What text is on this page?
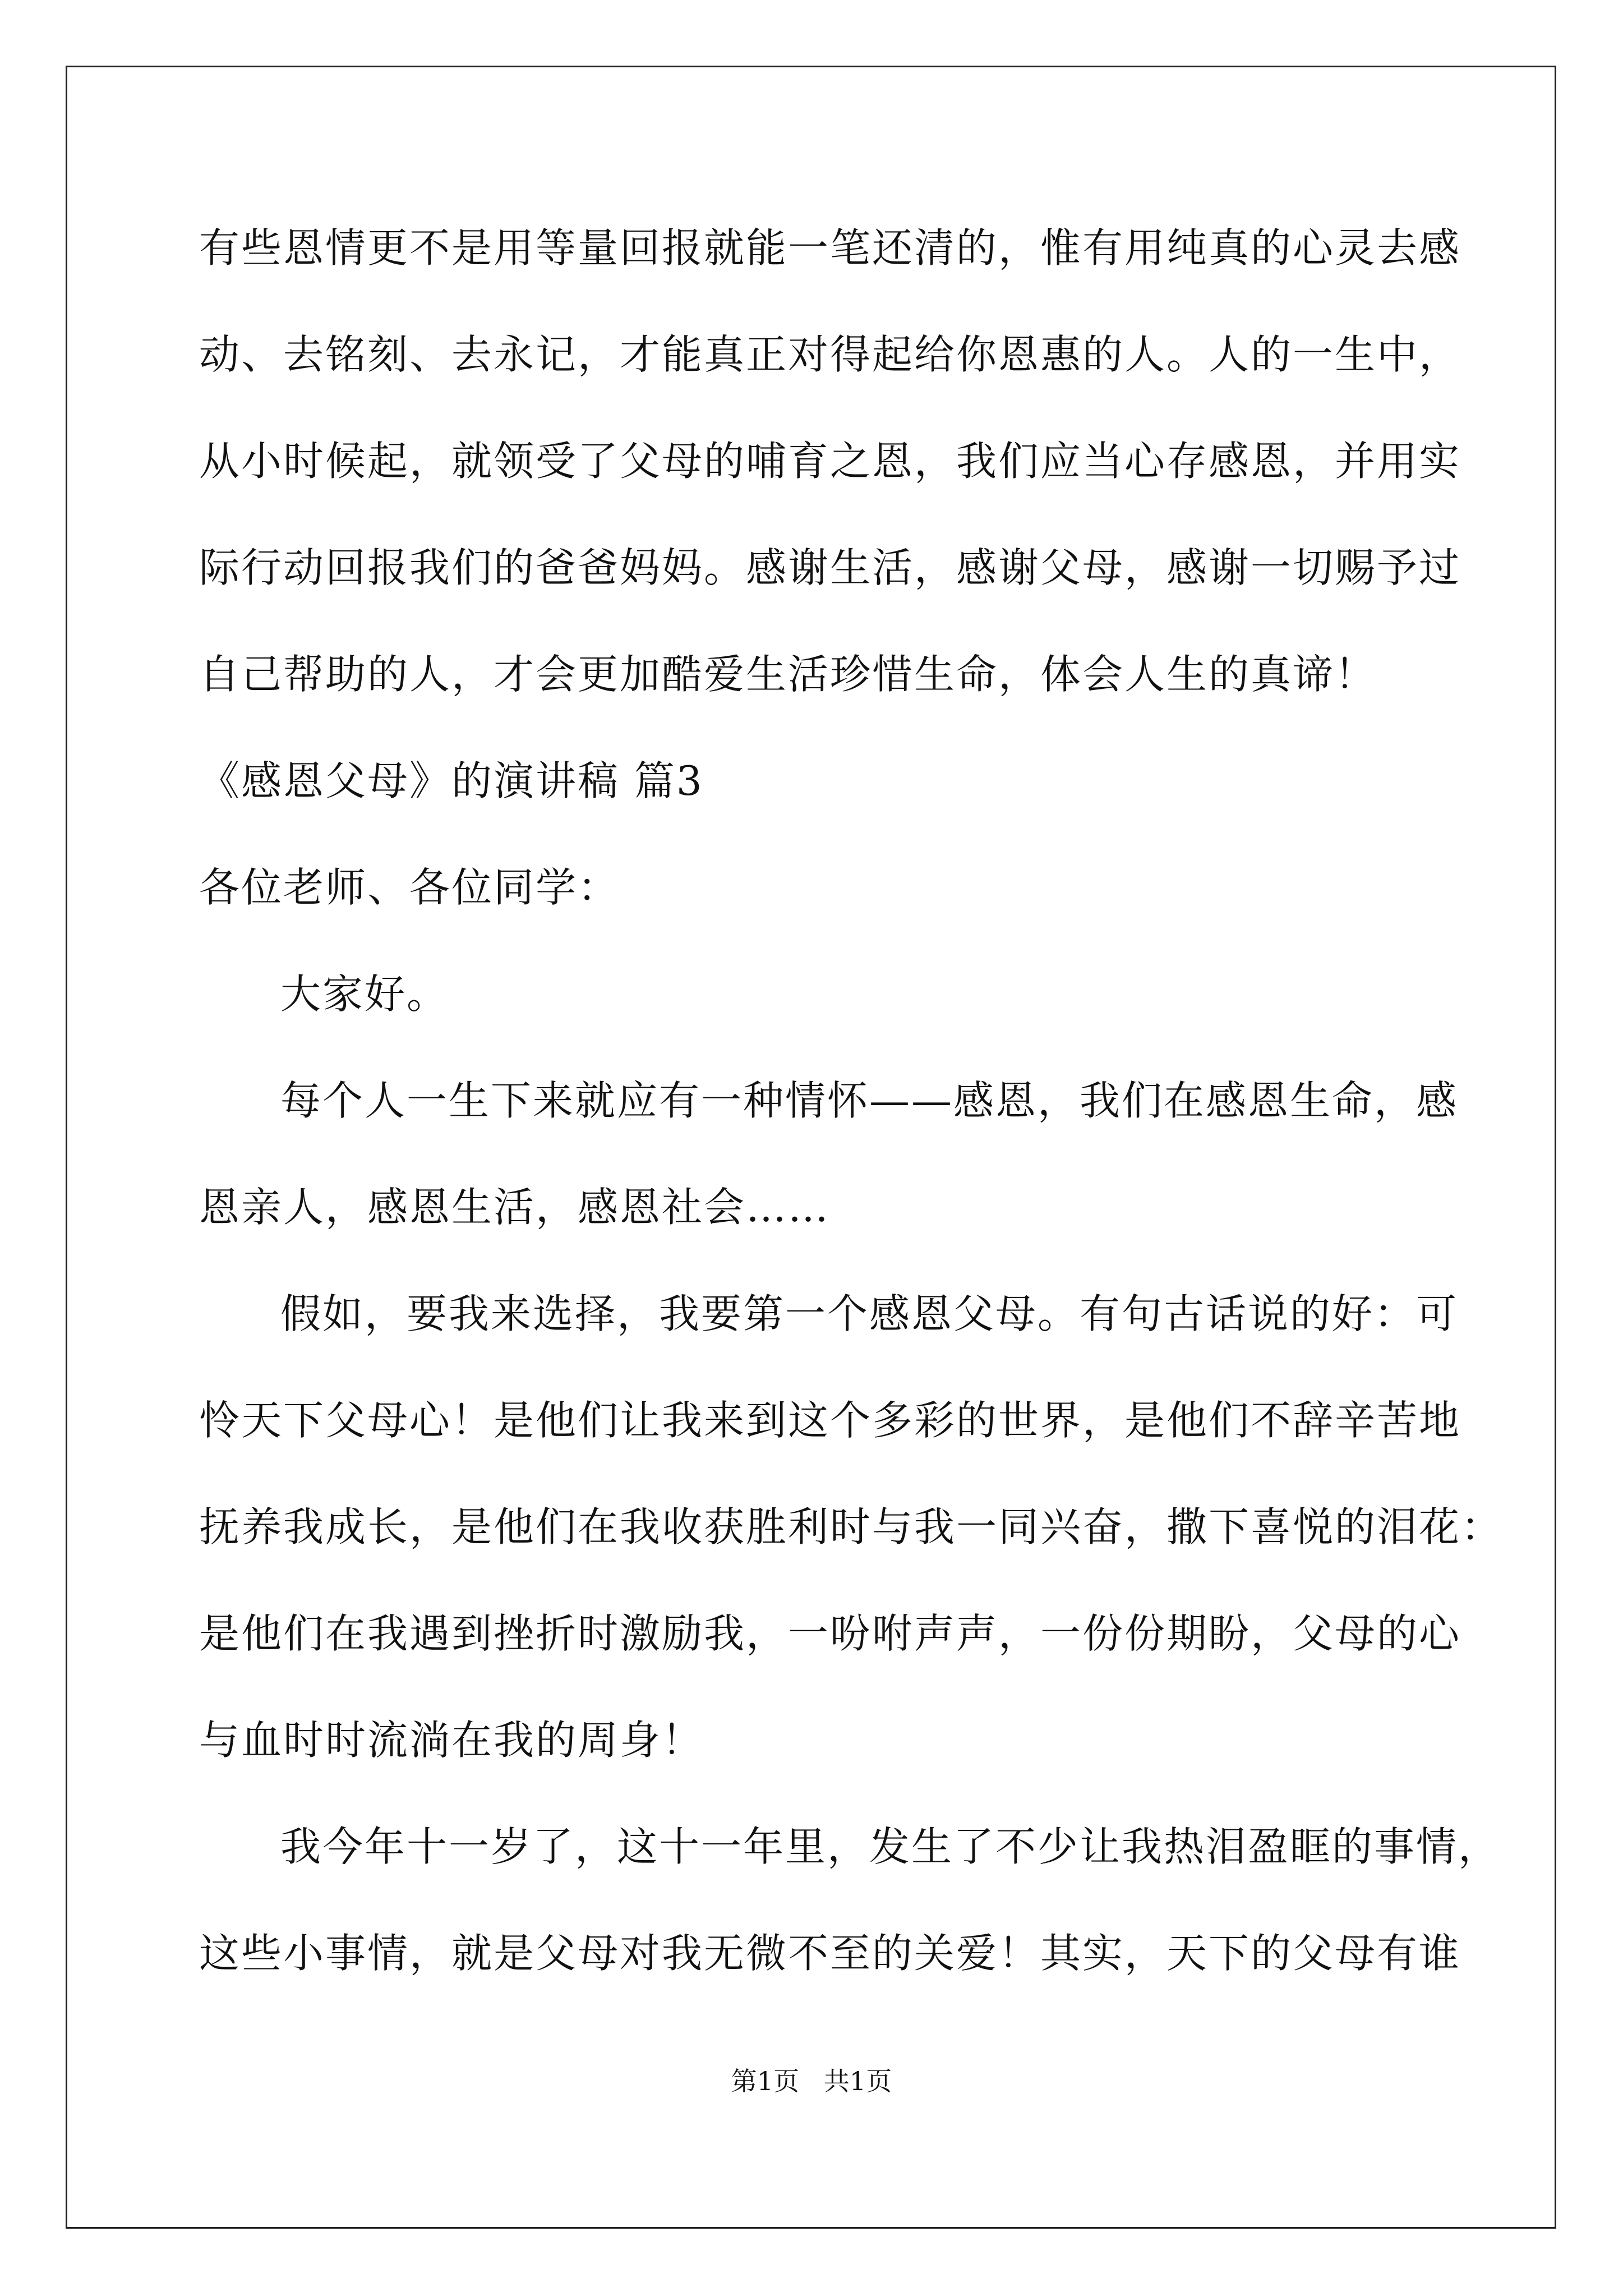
有些恩情更不是用等量回报就能一笔还清的，惟有用纯真的心灵去感
动、去铭刻、去永记，才能真正对得起给你恩惠的人。人的一生中，
从小时候起，就领受了父母的哺育之恩，我们应当心存感恩，并用实
际行动回报我们的爸爸妈妈。感谢生活，感谢父母，感谢一切赐予过
自己帮助的人，才会更加酷爱生活珍惜生命，体会人生的真谛！
《感恩父母》的演讲稿 篇3
各位老师、各位同学：
大家好。
每个人一生下来就应有一种情怀——感恩，我们在感恩生命，感
恩亲人，感恩生活，感恩社会……
假如，要我来选择，我要第一个感恩父母。有句古话说的好：可
怜天下父母心！是他们让我来到这个多彩的世界，是他们不辞辛苦地
抚养我成长，是他们在我收获胜利时与我一同兴奋，撒下喜悦的泪花：
是他们在我遇到挫折时激励我，一吩咐声声，一份份期盼，父母的心
与血时时流淌在我的周身！
我今年十一岁了，这十一年里，发生了不少让我热泪盈眶的事情，
这些小事情，就是父母对我无微不至的关爱！其实，天下的父母有谁
第1页   共1页
